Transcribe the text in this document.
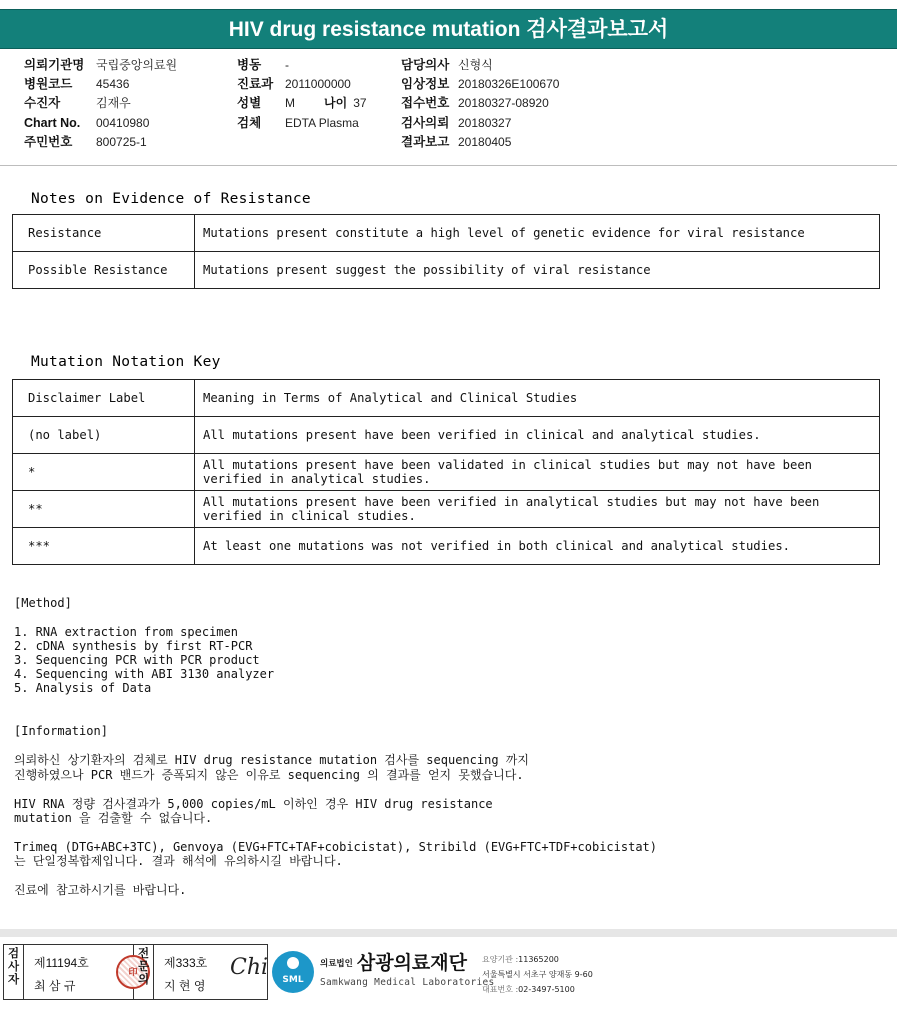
HIV drug resistance mutation 검사결과보고서
의뢰기관명 국립중앙의료원
병원코드 45436
수진자	김재우
Chart No. 00410980
주민번호 800725-1
병동 -
진료과 2011000000
성별 M 나이 37
검체 EDTA Plasma
담당의사 신형식
임상정보 20180326E100670
접수번호 20180327-08920
검사의뢰 20180327
결과보고 20180405
Notes on Evidence of Resistance
Resistance	Mutations present constitute a high level of genetic evidence for viral resistance
Possible Resistance	Mutations present suggest the possibility of viral resistance
Mutation Notation Key
Disclaimer Label	Meaning in Terms of Analytical and Clinical Studies
(no label)	All mutations present have been verified in clinical and analytical studies.
*	All mutations present have been validated in clinical studies but may not have been verified in analytical studies.
**	All mutations present have been verified in analytical studies but may not have been verified in clinical studies.
***	At least one mutations was not verified in both clinical and analytical studies.
[Method]
1. RNA extraction from specimen
2. cDNA synthesis by first RT-PCR
3. Sequencing PCR with PCR product
4. Sequencing with ABI 3130 analyzer
5. Analysis of Data
[Information]
의뢰하신 상기환자의 검체로 HIV drug resistance mutation 검사를 sequencing 까지
진행하였으나 PCR 밴드가 증폭되지 않은 이유로 sequencing 의 결과를 얻지 못했습니다.
HIV RNA 정량 검사결과가 5,000 copies/mL 이하인 경우 HIV drug resistance
mutation 을 검출할 수 없습니다.
Trimeq (DTG+ABC+3TC), Genvoya (EVG+FTC+TAF+cobicistat), Stribild (EVG+FTC+TDF+cobicistat)
는 단일정복합제입니다. 결과 해석에 유의하시길 바랍니다.
진료에 참고하시기를 바랍니다.
검사자
제11194호
최 삼 규
印
전문의
제333호
지 현 영
Chi	SML
의료법인 삼광의료재단
Samkwang Medical Laboratories
요양기관 :11365200
서울특별시 서초구 양재동 9-60
대표번호 :02-3497-5100
